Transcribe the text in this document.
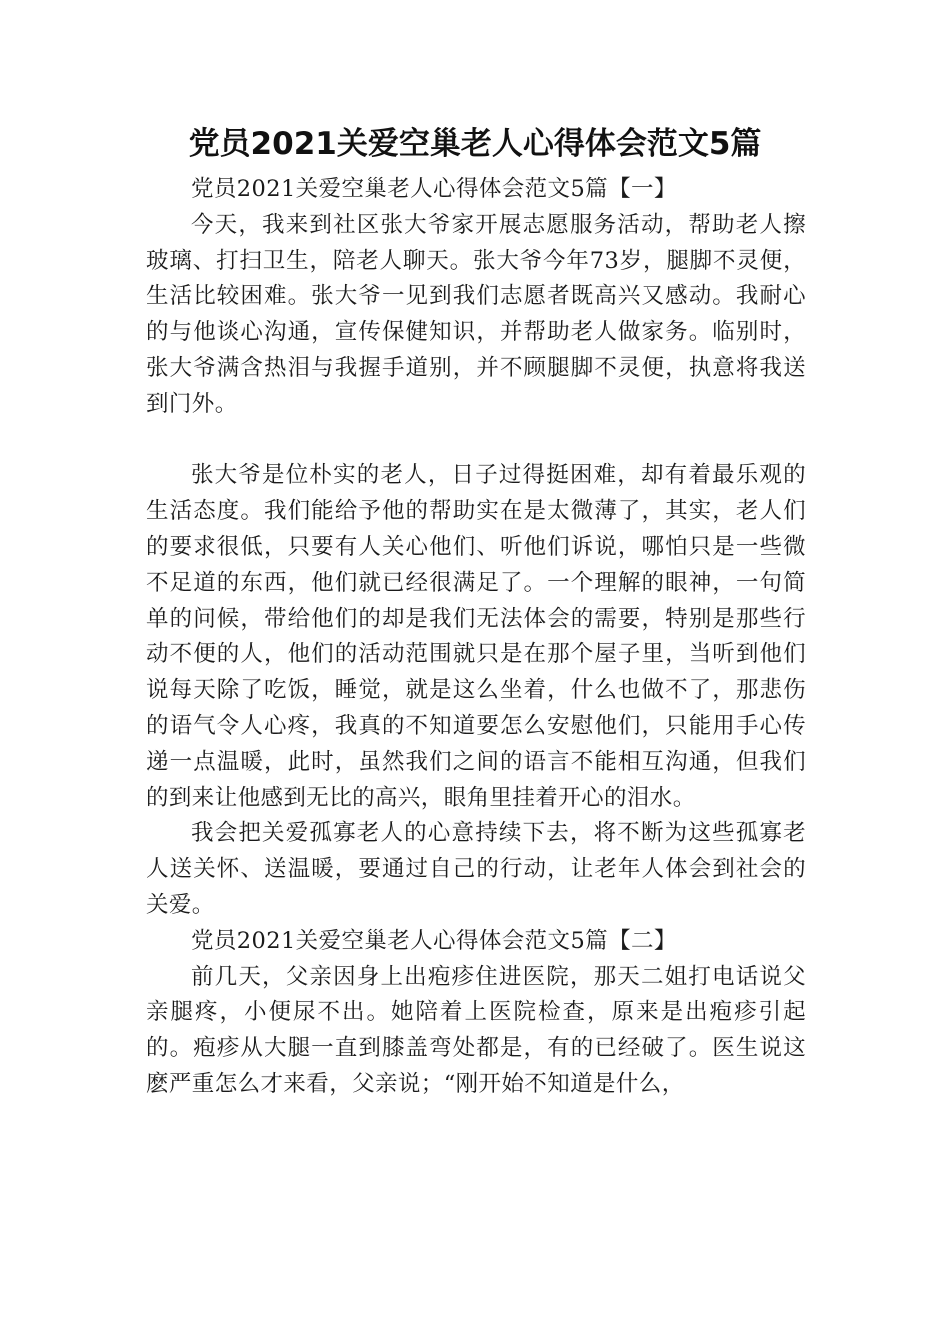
党员2021关爱空巢老人心得体会范文5篇

党员2021关爱空巢老人心得体会范文5篇【一】

今天，我来到社区张大爷家开展志愿服务活动，帮助老人擦玻璃、打扫卫生，陪老人聊天。张大爷今年73岁，腿脚不灵便，生活比较困难。张大爷一见到我们志愿者既高兴又感动。我耐心的与他谈心沟通，宣传保健知识，并帮助老人做家务。临别时，张大爷满含热泪与我握手道别，并不顾腿脚不灵便，执意将我送到门外。

张大爷是位朴实的老人，日子过得挺困难，却有着最乐观的生活态度。我们能给予他的帮助实在是太微薄了，其实，老人们的要求很低，只要有人关心他们、听他们诉说，哪怕只是一些微不足道的东西，他们就已经很满足了。一个理解的眼神，一句简单的问候，带给他们的却是我们无法体会的需要，特别是那些行动不便的人，他们的活动范围就只是在那个屋子里，当听到他们说每天除了吃饭，睡觉，就是这么坐着，什么也做不了，那悲伤的语气令人心疼，我真的不知道要怎么安慰他们，只能用手心传递一点温暖，此时，虽然我们之间的语言不能相互沟通，但我们的到来让他感到无比的高兴，眼角里挂着开心的泪水。

我会把关爱孤寡老人的心意持续下去，将不断为这些孤寡老人送关怀、送温暖，要通过自己的行动，让老年人体会到社会的关爱。

党员2021关爱空巢老人心得体会范文5篇【二】

前几天，父亲因身上出疱疹住进医院，那天二姐打电话说父亲腿疼，小便尿不出。她陪着上医院检查，原来是出疱疹引起的。疱疹从大腿一直到膝盖弯处都是，有的已经破了。医生说这麽严重怎么才来看，父亲说；“刚开始不知道是什么，
